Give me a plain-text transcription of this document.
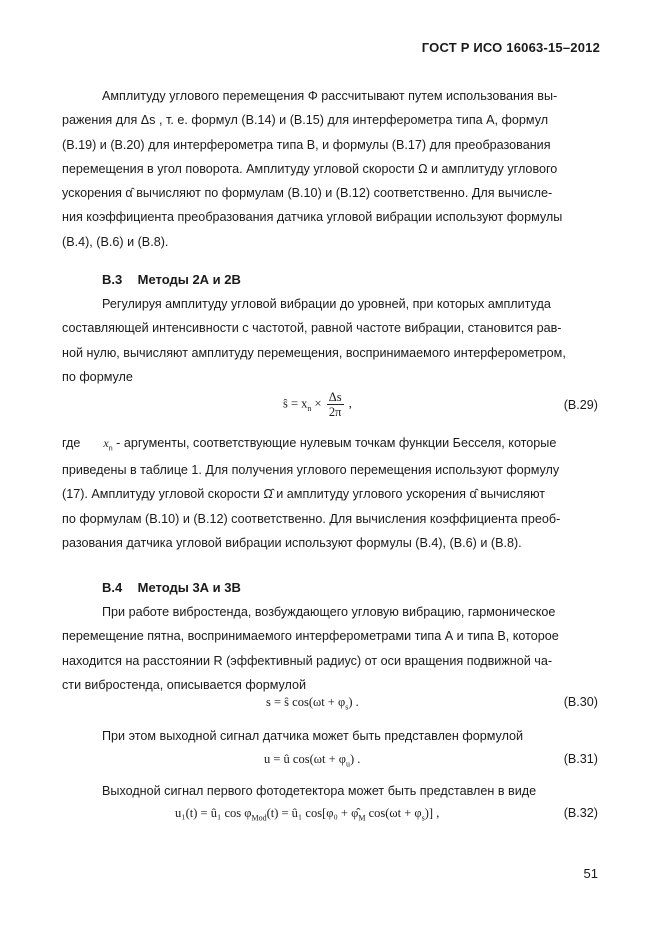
ГОСТ Р ИСО 16063-15–2012
Амплитуду углового перемещения Φ рассчитывают путем использования вы-
ражения для Δs , т. е. формул (B.14) и (B.15) для интерферометра типа А, формул
(B.19) и (B.20) для интерферометра типа В, и формулы (B.17) для преобразования
перемещения в угол поворота. Амплитуду угловой скорости Ω и амплитуду углового
ускорения α̂ вычисляют по формулам (B.10) и (B.12) соответственно. Для вычисле-
ния коэффициента преобразования датчика угловой вибрации используют формулы
(B.4), (B.6) и (B.8).
В.3 Методы 2А и 2В
Регулируя амплитуду угловой вибрации до уровней, при которых амплитуда
составляющей интенсивности с частотой, равной частоте вибрации, становится рав-
ной нулю, вычисляют амплитуду перемещения, воспринимаемого интерферометром,
по формуле
ŝ = $x_n \times \frac{\Delta s}{2\pi}$ ,	(B.29)
где $x_n$ - аргументы, соответствующие нулевым точкам функции Бесселя, которые
приведены в таблице 1. Для получения углового перемещения используют формулу
(17). Амплитуду угловой скорости Ω̂ и амплитуду углового ускорения α̂ вычисляют
по формулам (B.10) и (B.12) соответственно. Для вычисления коэффициента преоб-
разования датчика угловой вибрации используют формулы (B.4), (B.6) и (B.8).
В.4 Методы 3А и 3В
При работе вибростенда, возбуждающего угловую вибрацию, гармоническое
перемещение пятна, воспринимаемого интерферометрами типа А и типа В, которое
находится на расстоянии R (эффективный радиус) от оси вращения подвижной ча-
сти вибростенда, описывается формулой
s = ŝ $\cos(\omega t + \varphi_s)$ .	(B.30)
При этом выходной сигнал датчика может быть представлен формулой
u = û $\cos(\omega t + \varphi_u)$ .	(B.31)
Выходной сигнал первого фотодетектора может быть представлен в виде
u₁(t) = û₁ $\cos \varphi_{Mod}(t)$ = û₁ $\cos[\varphi_0 + \varphî_M$ $\cos(\omega t + \varphi_s)$] ,	(B.32)
51
